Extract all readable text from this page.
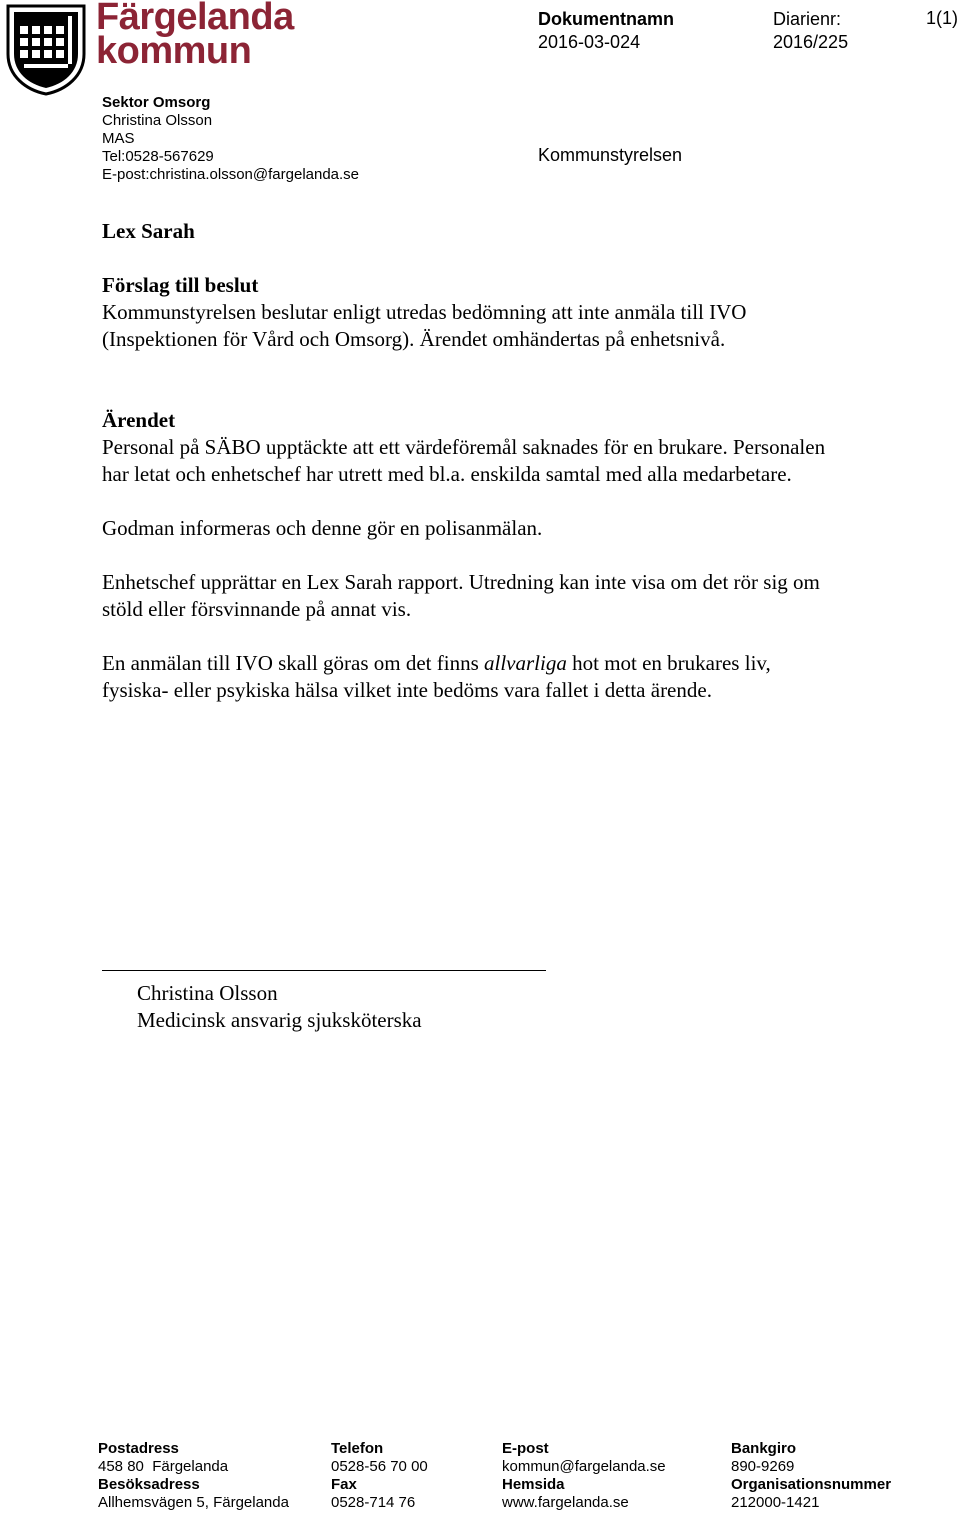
Färgelanda
kommun
Dokumentnamn
2016-03-024
Diarienr:
2016/225
1(1)
Sektor Omsorg
Christina Olsson
MAS
Tel:0528-567629
E-post:christina.olsson@fargelanda.se
Kommunstyrelsen
Lex Sarah
Förslag till beslut

Kommunstyrelsen beslutar enligt utredas bedömning att inte anmäla till IVO (Inspektionen för Vård och Omsorg). Ärendet omhändertas på enhetsnivå.

Ärendet

Personal på SÄBO upptäckte att ett värdeföremål saknades för en brukare. Personalen har letat och enhetschef har utrett med bl.a. enskilda samtal med alla medarbetare.

Godman informeras och denne gör en polisanmälan.

Enhetschef upprättar en Lex Sarah rapport. Utredning kan inte visa om det rör sig om stöld eller försvinnande på annat vis.

En anmälan till IVO skall göras om det finns allvarliga hot mot en brukares liv, fysiska- eller psykiska hälsa vilket inte bedöms vara fallet i detta ärende.

Christina Olsson
Medicinsk ansvarig sjuksköterska
Postadress
458 80  Färgelanda
Besöksadress
Allhemsvägen 5, Färgelanda
Telefon
0528-56 70 00
Fax
0528-714 76
E-post
kommun@fargelanda.se
Hemsida
www.fargelanda.se
Bankgiro
890-9269
Organisationsnummer
212000-1421
